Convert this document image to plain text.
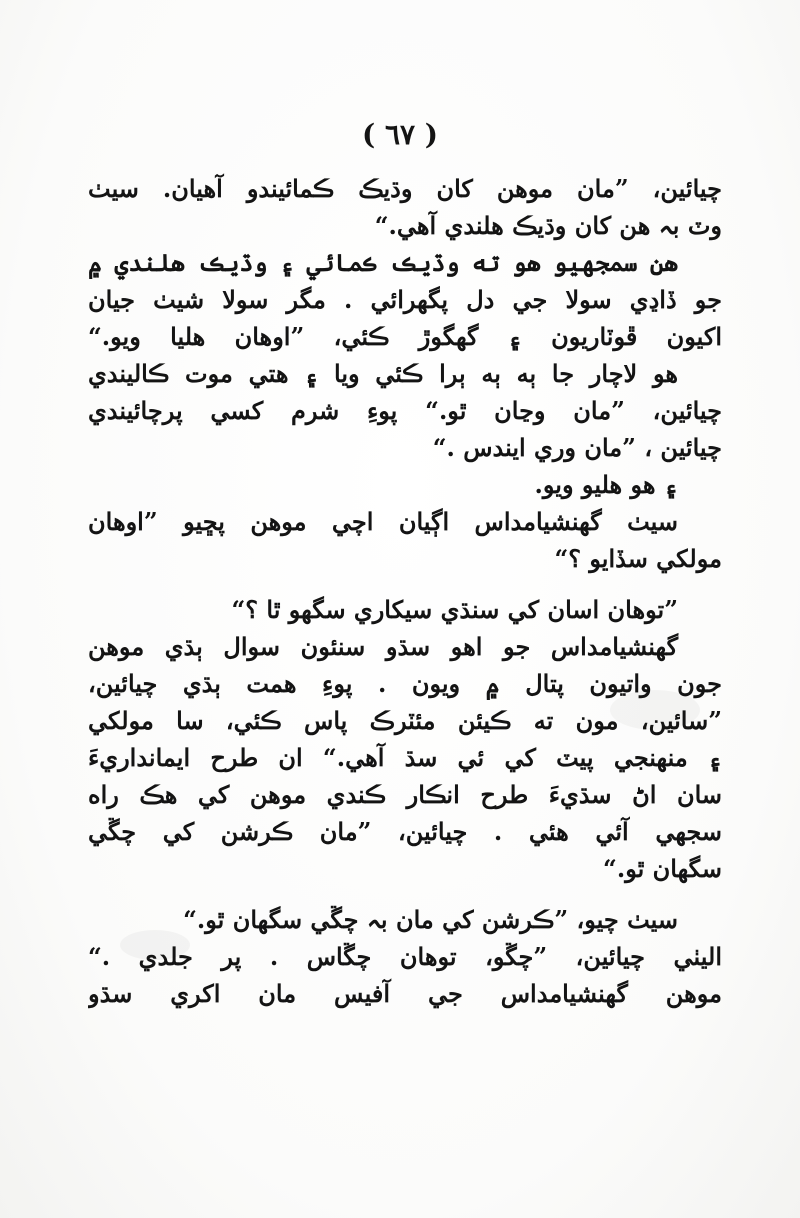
( ٦٧ )
چيائين، ”مان موهن کان وڌيڪ ڪمائيندو آهيان. سيٺ
وٽ بہ هن کان وڌيڪ هلندي آهي.“
هن سمجهيو هو ته وڌيڪ ڪمائي ۽ وڌيڪ هلندي ۾
جو ڏاڍي سولا جي دل پگهرائي . مگر سولا شيٺ جيان
اکيون ڦوٽاريون ۽ گهگوڙ ڪئي، ”اوهان هليا ويو.“
هو لاچار جا ٻه ٻه ٻرا ڪئي ويا ۽ هتي موت ڪاليندي
چيائين، ”مان وڃان ٿو.“ پوءِ شرم کسي پرچائيندي
چيائين ، ”مان وري ايندس .“
۽ هو هليو ويو.
سيٺ گهنشيامداس اڳيان اچي موهن پڇيو ”اوهان
مولکي سڏايو ؟“
”توهان اسان کي سنڌي سيکاري سگهو ٿا ؟“
گهنشيامداس جو اهو سڌو سنئون سوال ٻڌي موهن
جون واتيون پتال ۾ ويون . پوءِ همت ٻڌي چيائين،
”سائين، مون ته ڪيئن مئٽرڪ پاس ڪئي، سا مولکي
۽ منهنجي پيٽ کي ئي سڌ آهي.“ ان طرح ايمانداريءَ
سان اڻ سڌيءَ طرح انڪار ڪندي موهن کي هڪ راه
سجهي آئي هئي . چيائين، ”مان ڪرشن کي چڱي
سگهان ٿو.“
سيٺ چيو، ”ڪرشن کي مان بہ چڱي سگهان ٿو.“
اليٺي چيائين، ”چڱو، توهان چڱاس . پر جلدي .“
موهن گهنشيامداس جي آفيس مان اکري سڌو
